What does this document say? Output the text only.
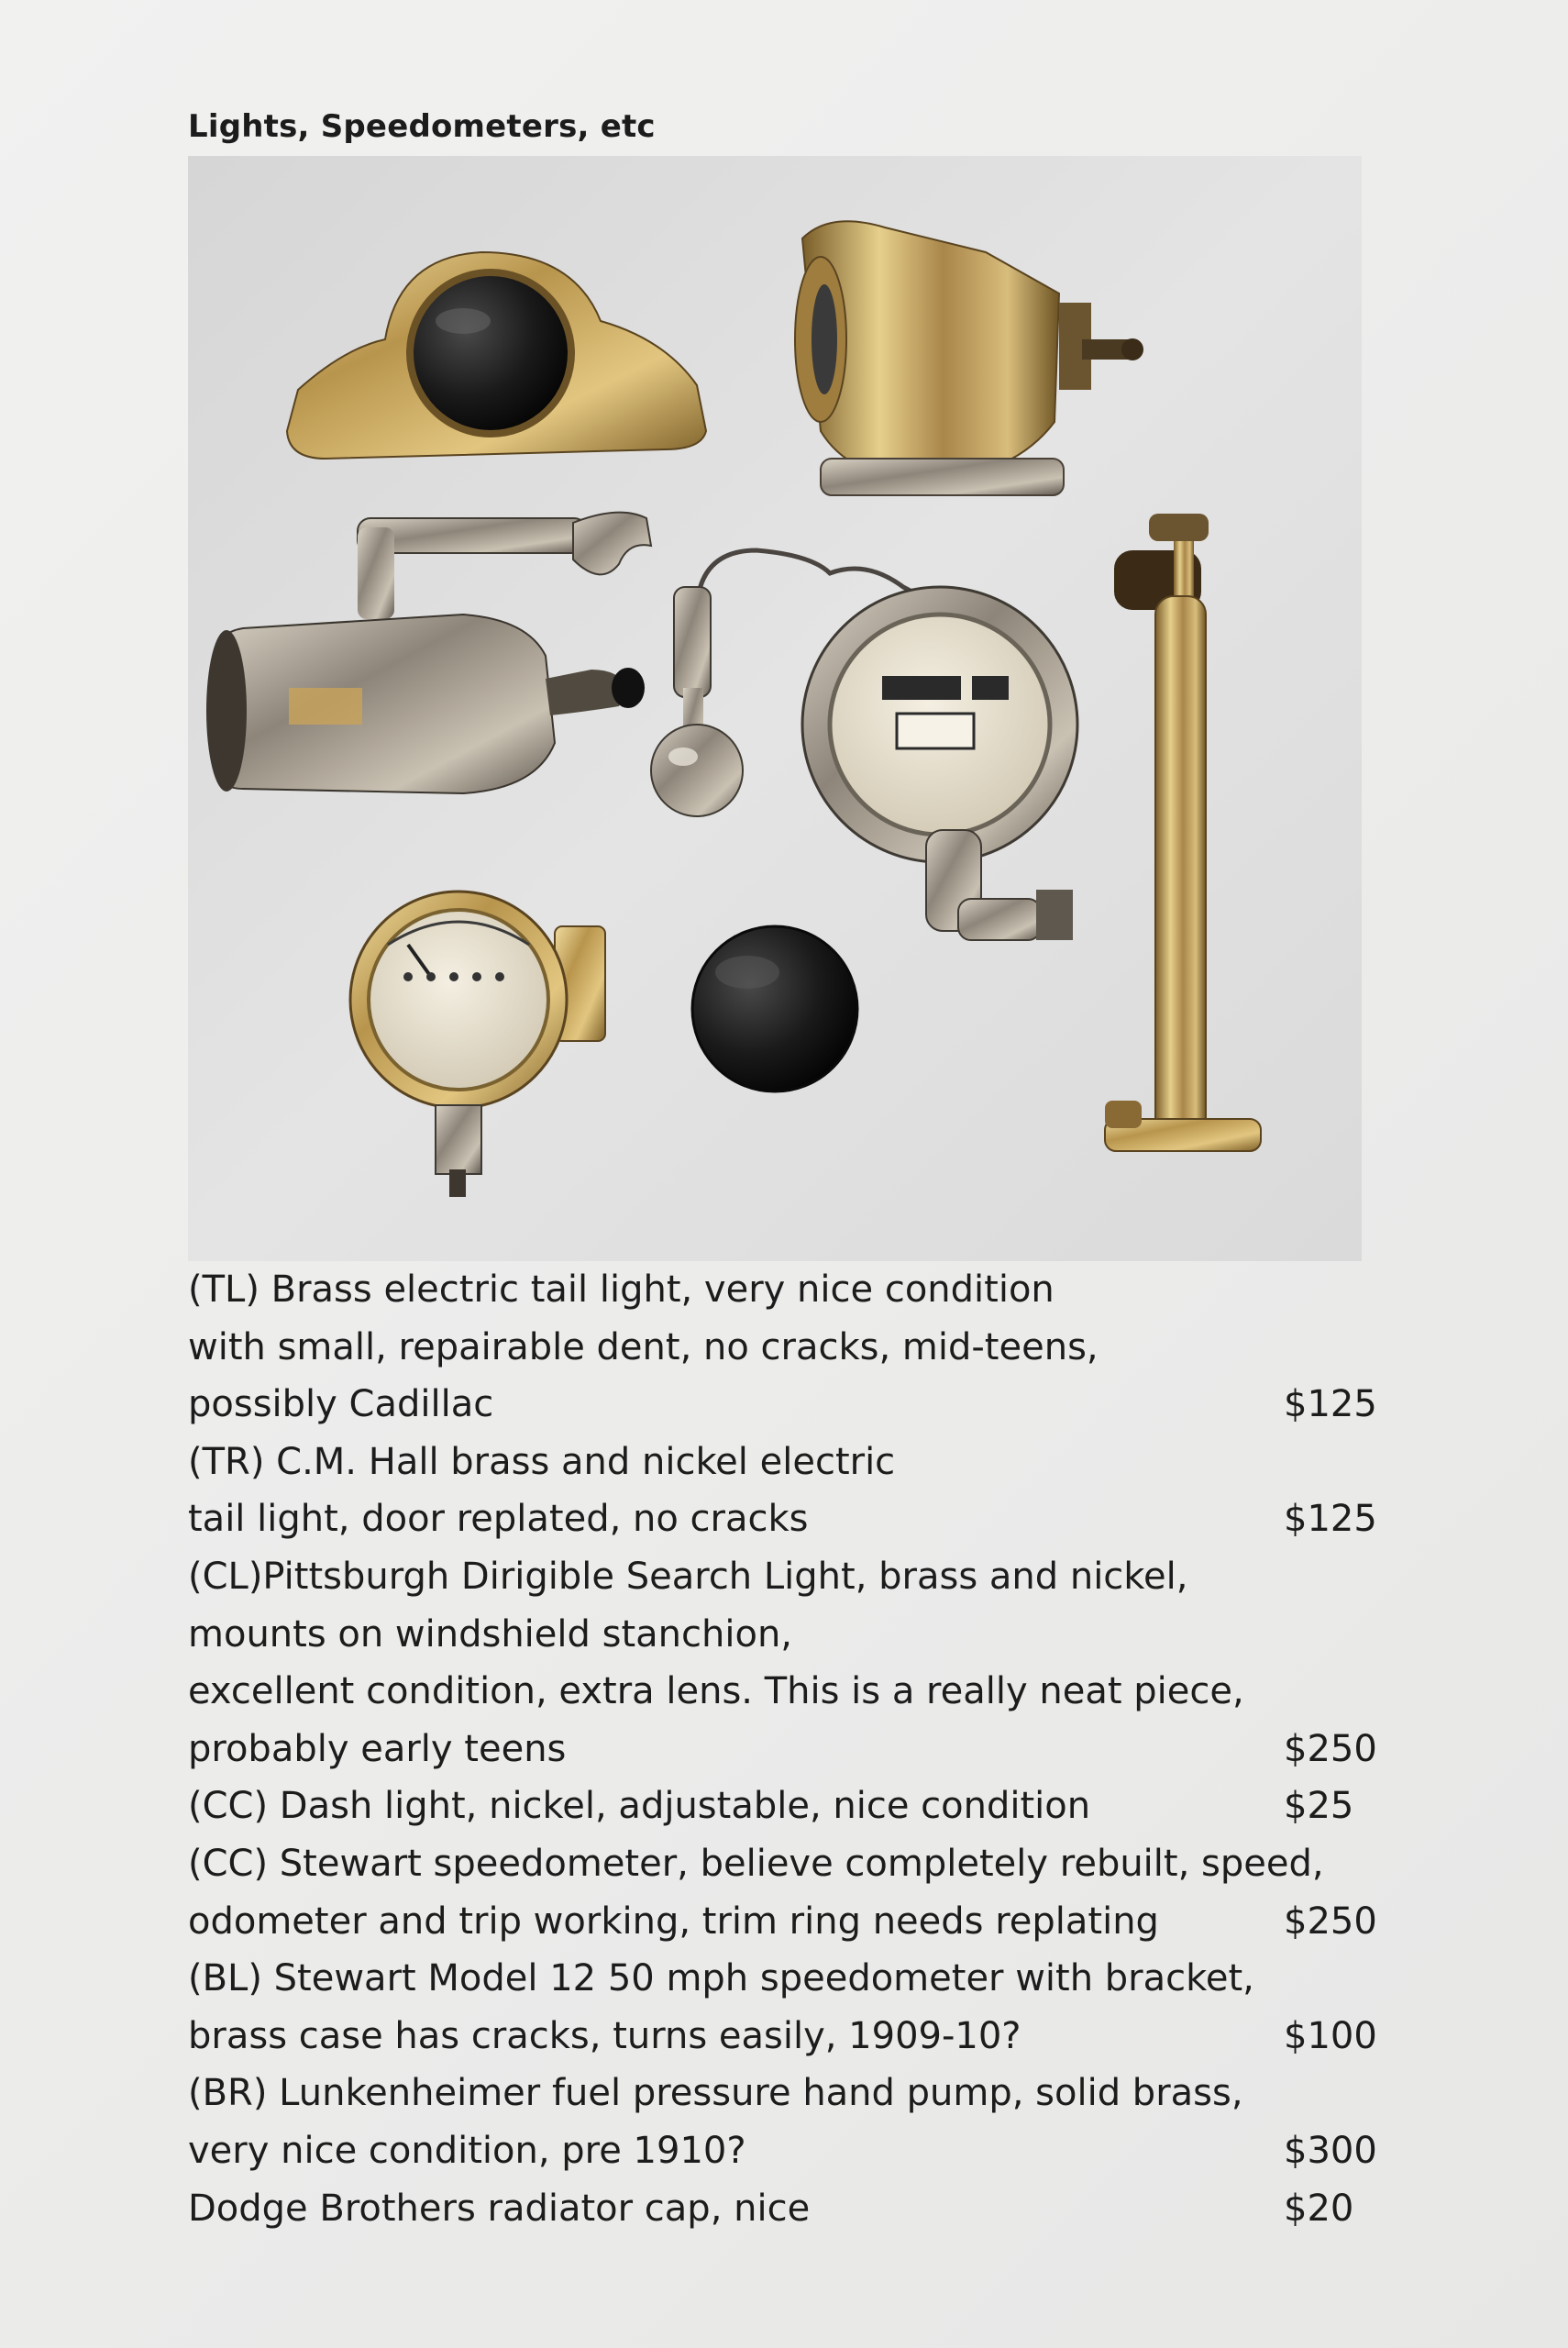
Lights, Speedometers, etc
(TL) Brass electric tail light, very nice condition
with small, repairable dent, no cracks, mid-teens,
possibly Cadillac	$125
(TR) C.M. Hall brass and nickel electric
tail light, door replated, no cracks	$125
(CL)Pittsburgh Dirigible Search Light, brass and nickel,
mounts on windshield stanchion,
excellent condition, extra lens. This is a really neat piece,
probably early teens	$250
(CC) Dash light, nickel, adjustable, nice condition	$25
(CC) Stewart speedometer, believe completely rebuilt, speed,
odometer and trip working, trim ring needs replating	$250
(BL) Stewart Model 12 50 mph speedometer with bracket,
brass case has cracks, turns easily, 1909-10?	$100
(BR) Lunkenheimer fuel pressure hand pump, solid brass,
very nice condition, pre 1910?	$300
Dodge Brothers radiator cap, nice	$20
